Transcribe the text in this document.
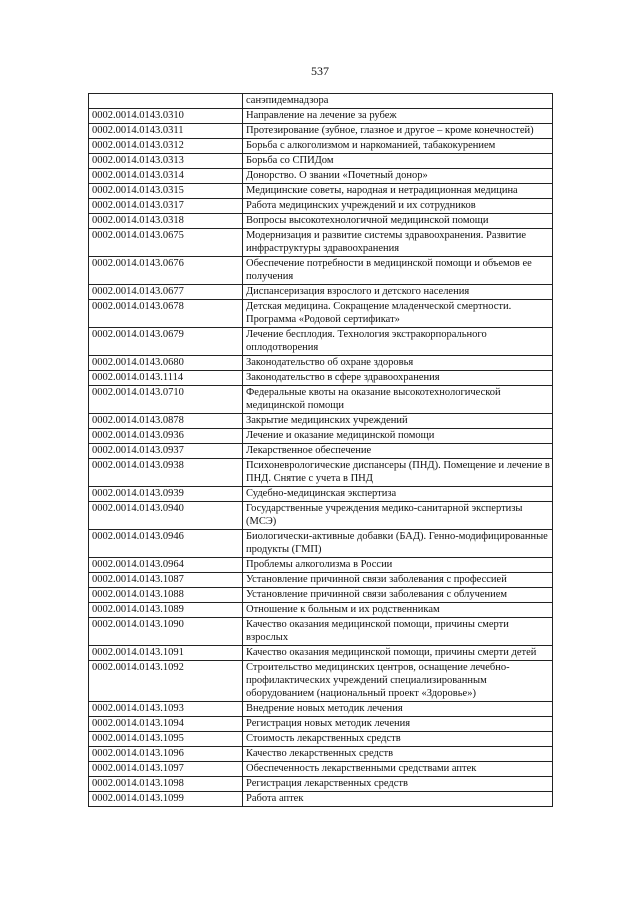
537
	санэпидемнадзора
0002.0014.0143.0310	Направление на лечение за рубеж
0002.0014.0143.0311	Протезирование (зубное, глазное и другое – кроме конечностей)
0002.0014.0143.0312	Борьба с алкоголизмом и наркоманией, табакокурением
0002.0014.0143.0313	Борьба со СПИДом
0002.0014.0143.0314	Донорство. О звании «Почетный донор»
0002.0014.0143.0315	Медицинские советы, народная и нетрадиционная медицина
0002.0014.0143.0317	Работа медицинских учреждений и их сотрудников
0002.0014.0143.0318	Вопросы высокотехнологичной медицинской помощи
0002.0014.0143.0675	Модернизация и развитие системы здравоохранения. Развитие инфраструктуры здравоохранения
0002.0014.0143.0676	Обеспечение потребности в медицинской помощи и объемов ее получения
0002.0014.0143.0677	Диспансеризация взрослого и детского населения
0002.0014.0143.0678	Детская медицина. Сокращение младенческой смертности. Программа «Родовой сертификат»
0002.0014.0143.0679	Лечение бесплодия. Технология экстракорпорального оплодотворения
0002.0014.0143.0680	Законодательство об охране здоровья
0002.0014.0143.1114	Законодательство в сфере здравоохранения
0002.0014.0143.0710	Федеральные квоты на оказание высокотехнологической медицинской помощи
0002.0014.0143.0878	Закрытие медицинских учреждений
0002.0014.0143.0936	Лечение и оказание медицинской помощи
0002.0014.0143.0937	Лекарственное обеспечение
0002.0014.0143.0938	Психоневрологические диспансеры (ПНД). Помещение и лечение в ПНД. Снятие с учета в ПНД
0002.0014.0143.0939	Судебно-медицинская экспертиза
0002.0014.0143.0940	Государственные учреждения медико-санитарной экспертизы (МСЭ)
0002.0014.0143.0946	Биологически-активные добавки (БАД). Генно-модифицированные продукты (ГМП)
0002.0014.0143.0964	Проблемы алкоголизма в России
0002.0014.0143.1087	Установление причинной связи заболевания с профессией
0002.0014.0143.1088	Установление причинной связи заболевания с облучением
0002.0014.0143.1089	Отношение к больным и их родственникам
0002.0014.0143.1090	Качество оказания медицинской помощи, причины смерти взрослых
0002.0014.0143.1091	Качество оказания медицинской помощи, причины смерти детей
0002.0014.0143.1092	Строительство медицинских центров, оснащение лечебно-профилактических учреждений специализированным оборудованием (национальный проект «Здоровье»)
0002.0014.0143.1093	Внедрение новых методик лечения
0002.0014.0143.1094	Регистрация новых методик лечения
0002.0014.0143.1095	Стоимость лекарственных средств
0002.0014.0143.1096	Качество лекарственных средств
0002.0014.0143.1097	Обеспеченность лекарственными средствами аптек
0002.0014.0143.1098	Регистрация лекарственных средств
0002.0014.0143.1099	Работа аптек
